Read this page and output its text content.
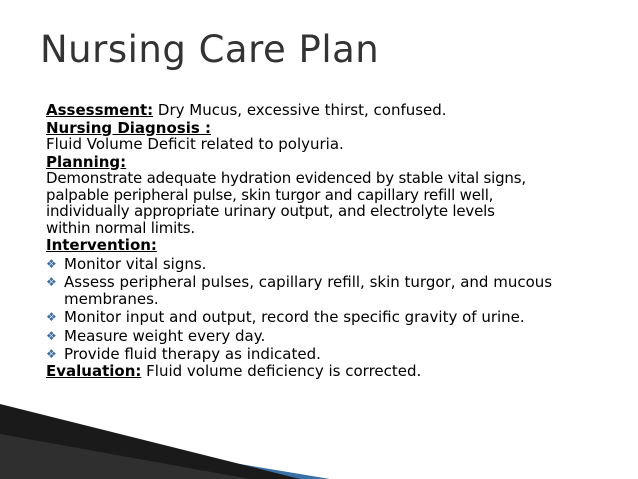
Nursing Care Plan

Assessment: Dry Mucus, excessive thirst, confused.

Nursing Diagnosis :

Fluid Volume Deficit related to polyuria.

Planning:

Demonstrate adequate hydration evidenced by stable vital signs,

palpable peripheral pulse, skin turgor and capillary refill well,

individually appropriate urinary output, and electrolyte levels

within normal limits.

Intervention:

❖ Monitor vital signs.
❖ Assess peripheral pulses, capillary refill, skin turgor, and mucous
membranes.
❖ Monitor input and output, record the specific gravity of urine.
❖ Measure weight every day.
❖ Provide fluid therapy as indicated.

Evaluation: Fluid volume deficiency is corrected.
